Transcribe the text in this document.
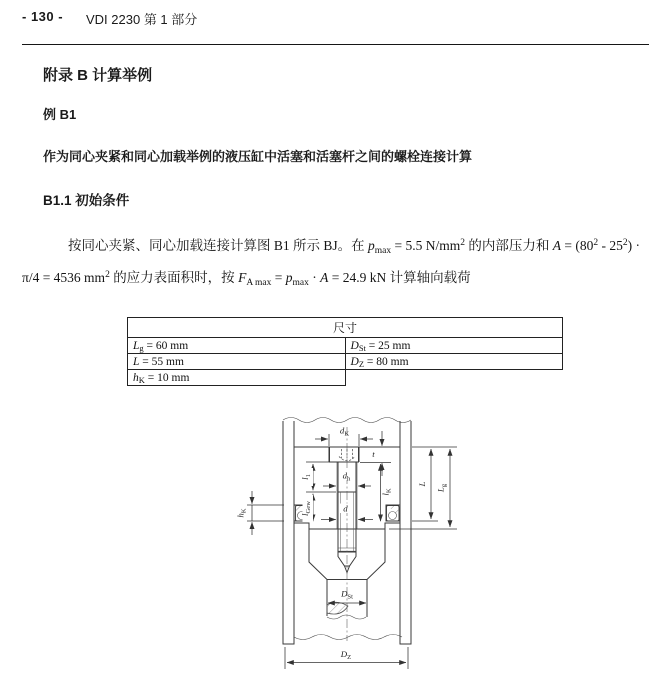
- 130 - VDI 2230 第 1 部分
附录 B 计算举例
例 B1
作为同心夹紧和同心加载举例的液压缸中活塞和活塞杆之间的螺栓连接计算
B1.1 初始条件
按同心夹紧、同心加载连接计算图 B1 所示 BJ。在 $p_{max} = 5.5$ $N/mm^2$ 的内部压力和 $A = (80^2 - 25^2) \cdot \pi/4 = 4536$ $mm^2$ 的应力表面积时，按 $F_{A max} = p_{max} \cdot A = 24.9$ kN 计算轴向载荷
尺寸	
$L_g = 60$ mm	$D_{St} = 25$ mm
L = 55 mm	$D_Z = 80$ mm
$h_K = 10$ mm	
$d_K$
t
$l_1$
$l_{Gew}$
$d_h$
d
$l_K$
$h_K$
L
$L_g$
$D_{St}$
$D_Z$
